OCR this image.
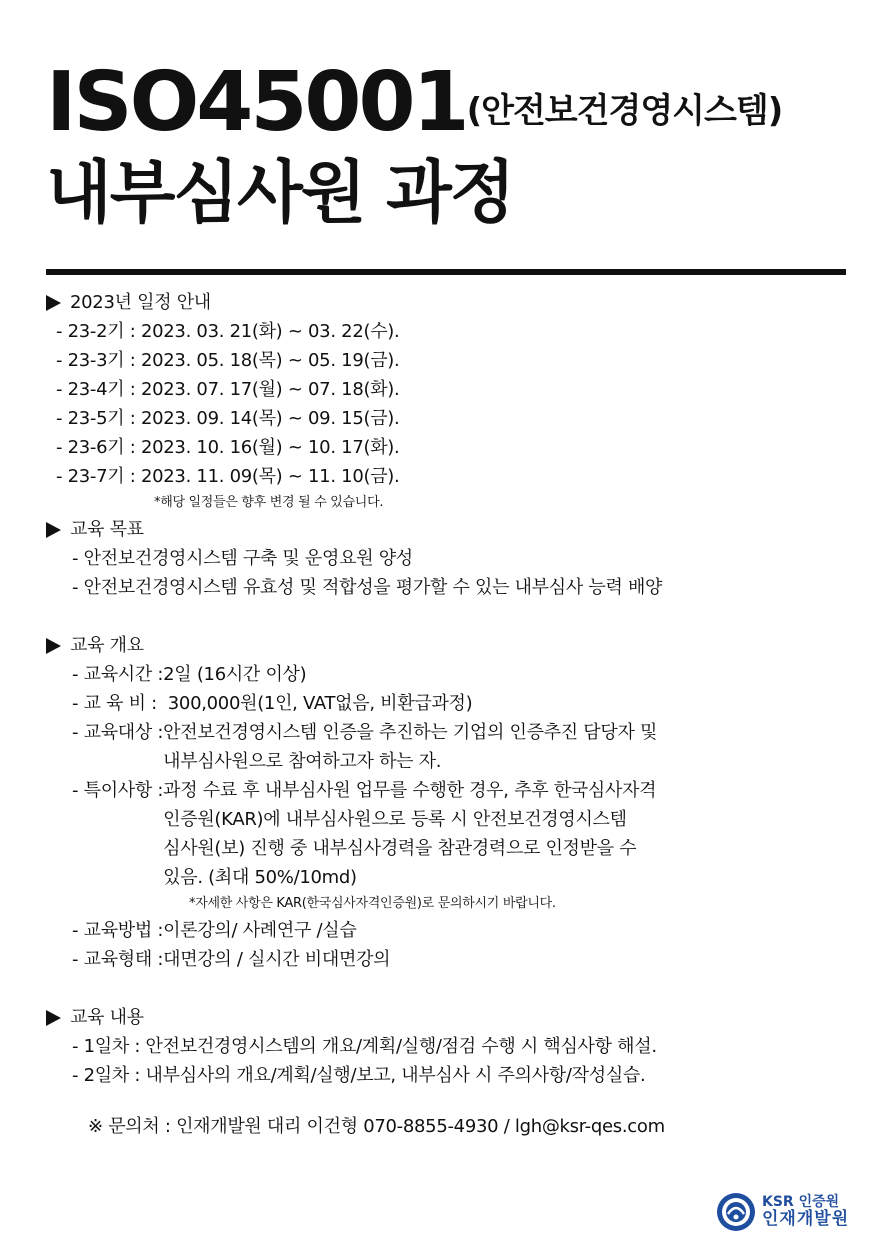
ISO45001(안전보건경영시스템)
내부심사원 과정
2023년 일정 안내
- 23-2기 : 2023. 03. 21(화) ~ 03. 22(수).
- 23-3기 : 2023. 05. 18(목) ~ 05. 19(금).
- 23-4기 : 2023. 07. 17(월) ~ 07. 18(화).
- 23-5기 : 2023. 09. 14(목) ~ 09. 15(금).
- 23-6기 : 2023. 10. 16(월) ~ 10. 17(화).
- 23-7기 : 2023. 11. 09(목) ~ 11. 10(금).
*해당 일정들은 향후 변경 될 수 있습니다.
교육 목표
- 안전보건경영시스템 구축 및 운영요원 양성
- 안전보건경영시스템 유효성 및 적합성을 평가할 수 있는 내부심사 능력 배양
교육 개요
- 교육시간 : 2일 (16시간 이상)
- 교 육 비 : 300,000원(1인, VAT없음, 비환급과정)
- 교육대상 : 안전보건경영시스템 인증을 추진하는 기업의 인증추진 담당자 및
내부심사원으로 참여하고자 하는 자.
- 특이사항 : 과정 수료 후 내부심사원 업무를 수행한 경우, 추후 한국심사자격
인증원(KAR)에 내부심사원으로 등록 시 안전보건경영시스템
심사원(보) 진행 중 내부심사경력을 참관경력으로 인정받을 수
있음. (최대 50%/10md)
*자세한 사항은 KAR(한국심사자격인증원)로 문의하시기 바랍니다.
- 교육방법 : 이론강의/ 사례연구 /실습
- 교육형태 : 대면강의 / 실시간 비대면강의
교육 내용
- 1일차 : 안전보건경영시스템의 개요/계획/실행/점검 수행 시 핵심사항 해설.
- 2일차 : 내부심사의 개요/계획/실행/보고, 내부심사 시 주의사항/작성실습.
※ 문의처 : 인재개발원 대리 이건형 070-8855-4930 / lgh@ksr-qes.com
KSR 인증원
인재개발원
